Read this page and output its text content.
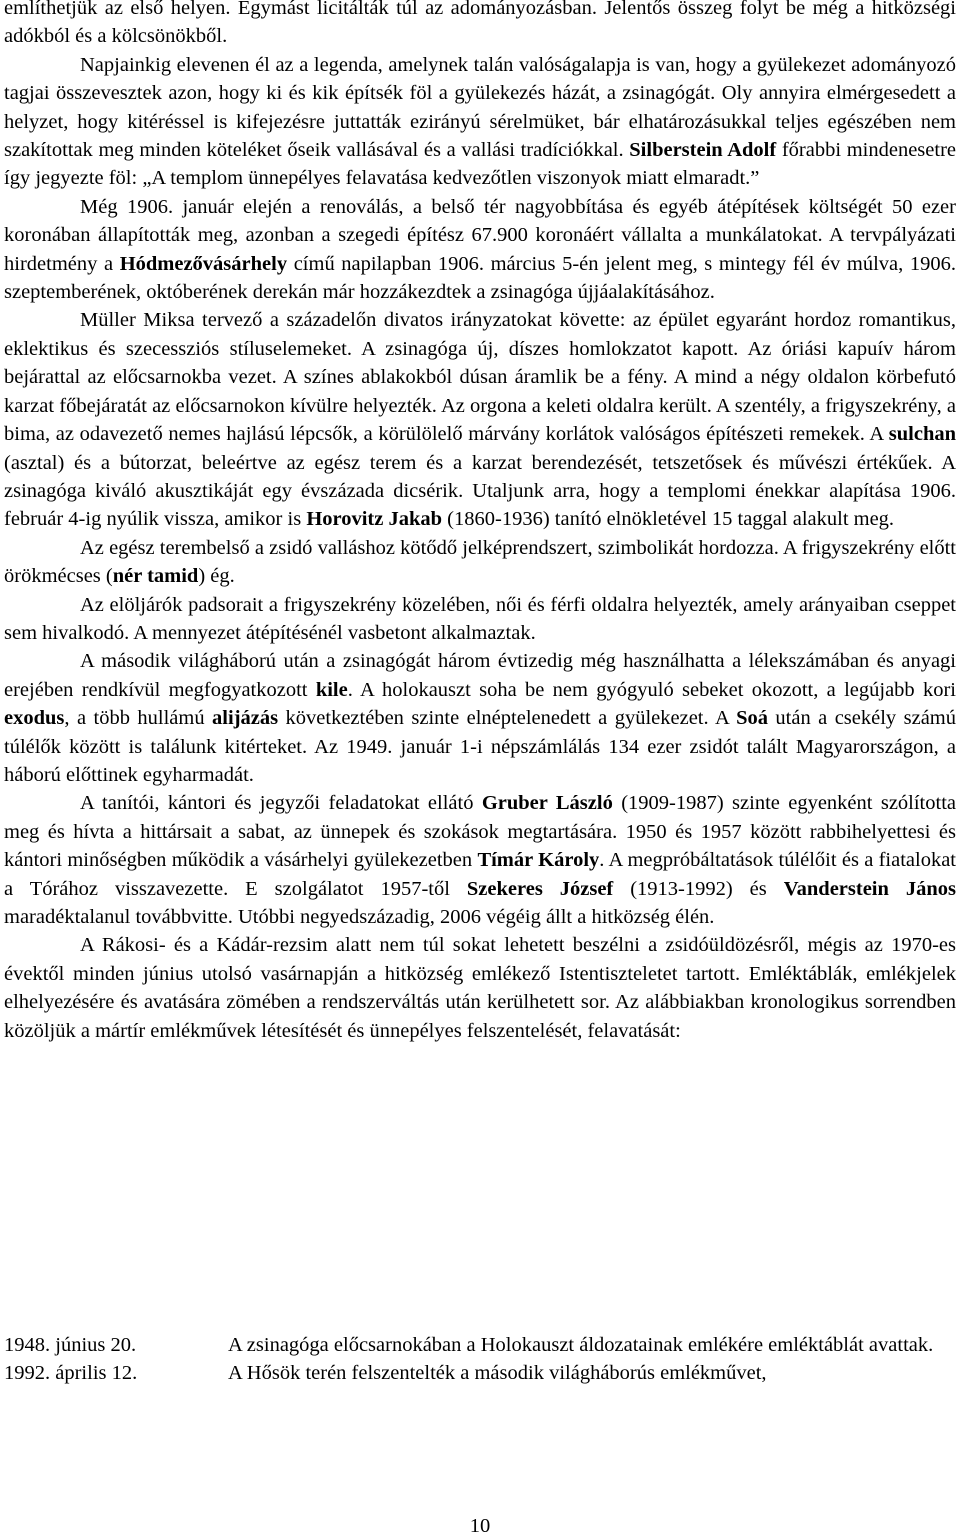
említhetjük az első helyen. Egymást licitálták túl az adományozásban. Jelentős összeg folyt be még a hitközségi adókból és a kölcsönökből.

Napjainkig elevenen él az a legenda, amelynek talán valóságalapja is van, hogy a gyülekezet adományozó tagjai összevesztek azon, hogy ki és kik építsék föl a gyülekezés házát, a zsinagógát. Oly annyira elmérgesedett a helyzet, hogy kitéréssel is kifejezésre juttatták ezirányú sérelmüket, bár elhatározásukkal teljes egészében nem szakítottak meg minden köteléket őseik vallásával és a vallási tradíciókkal. Silberstein Adolf főrabbi mindenesetre így jegyezte föl: „A templom ünnepélyes felavatása kedvezőtlen viszonyok miatt elmaradt.”

Még 1906. január elején a renoválás, a belső tér nagyobbítása és egyéb átépítések költségét 50 ezer koronában állapították meg, azonban a szegedi építész 67.900 koronáért vállalta a munkálatokat. A tervpályázati hirdetmény a Hódmezővásárhely című napilapban 1906. március 5-én jelent meg, s mintegy fél év múlva, 1906. szeptemberének, októberének derekán már hozzákezdtek a zsinagóga újjáalakításához.

Müller Miksa tervező a századelőn divatos irányzatokat követte: az épület egyaránt hordoz romantikus, eklektikus és szecessziós stíluselemeket. A zsinagóga új, díszes homlokzatot kapott. Az óriási kapuív három bejárattal az előcsarnokba vezet. A színes ablakokból dúsan áramlik be a fény. A mind a négy oldalon körbefutó karzat főbejáratát az előcsarnokon kívülre helyezték. Az orgona a keleti oldalra került. A szentély, a frigyszekrény, a bima, az odavezető nemes hajlású lépcsők, a körülölelő márvány korlátok valóságos építészeti remekek. A sulchan (asztal) és a bútorzat, beleértve az egész terem és a karzat berendezését, tetszetősek és művészi értékűek. A zsinagóga kiváló akusztikáját egy évszázada dicsérik. Utaljunk arra, hogy a templomi énekkar alapítása 1906. február 4-ig nyúlik vissza, amikor is Horovitz Jakab (1860-1936) tanító elnökletével 15 taggal alakult meg.

Az egész terembelső a zsidó valláshoz kötődő jelképrendszert, szimbolikát hordozza. A frigyszekrény előtt örökmécses (nér tamid) ég.

Az elöljárók padsorait a frigyszekrény közelében, női és férfi oldalra helyezték, amely arányaiban cseppet sem hivalkodó. A mennyezet átépítésénél vasbetont alkalmaztak.

A második világháború után a zsinagógát három évtizedig még használhatta a lélekszámában és anyagi erejében rendkívül megfogyatkozott kile. A holokauszt soha be nem gyógyuló sebeket okozott, a legújabb kori exodus, a több hullámú alijázás következtében szinte elnéptelenedett a gyülekezet. A Soá után a csekély számú túlélők között is találunk kitérteket. Az 1949. január 1-i népszámlálás 134 ezer zsidót talált Magyarországon, a háború előttinek egyharmadát.

A tanítói, kántori és jegyzői feladatokat ellátó Gruber László (1909-1987) szinte egyenként szólította meg és hívta a hittársait a sabat, az ünnepek és szokások megtartására. 1950 és 1957 között rabbihelyettesi és kántori minőségben működik a vásárhelyi gyülekezetben Tímár Károly. A megpróbáltatások túlélőit és a fiatalokat a Tórához visszavezette. E szolgálatot 1957-től Szekeres József (1913-1992) és Vanderstein János maradéktalanul továbbvitte. Utóbbi negyedszázadig, 2006 végéig állt a hitközség élén.

A Rákosi- és a Kádár-rezsim alatt nem túl sokat lehetett beszélni a zsidóüldözésről, mégis az 1970-es évektől minden június utolsó vasárnapján a hitközség emlékező Istentiszteletet tartott. Emléktáblák, emlékjelek elhelyezésére és avatására zömében a rendszerváltás után kerülhetett sor. Az alábbiakban kronologikus sorrendben közöljük a mártír emlékművek létesítését és ünnepélyes felszentelését, felavatását:

1948. június 20.	A zsinagóga előcsarnokában a Holokauszt áldozatainak emlékére emléktáblát avattak.
1992. április 12.	A Hősök terén felszentelték a második világháborús emlékművet,
10
